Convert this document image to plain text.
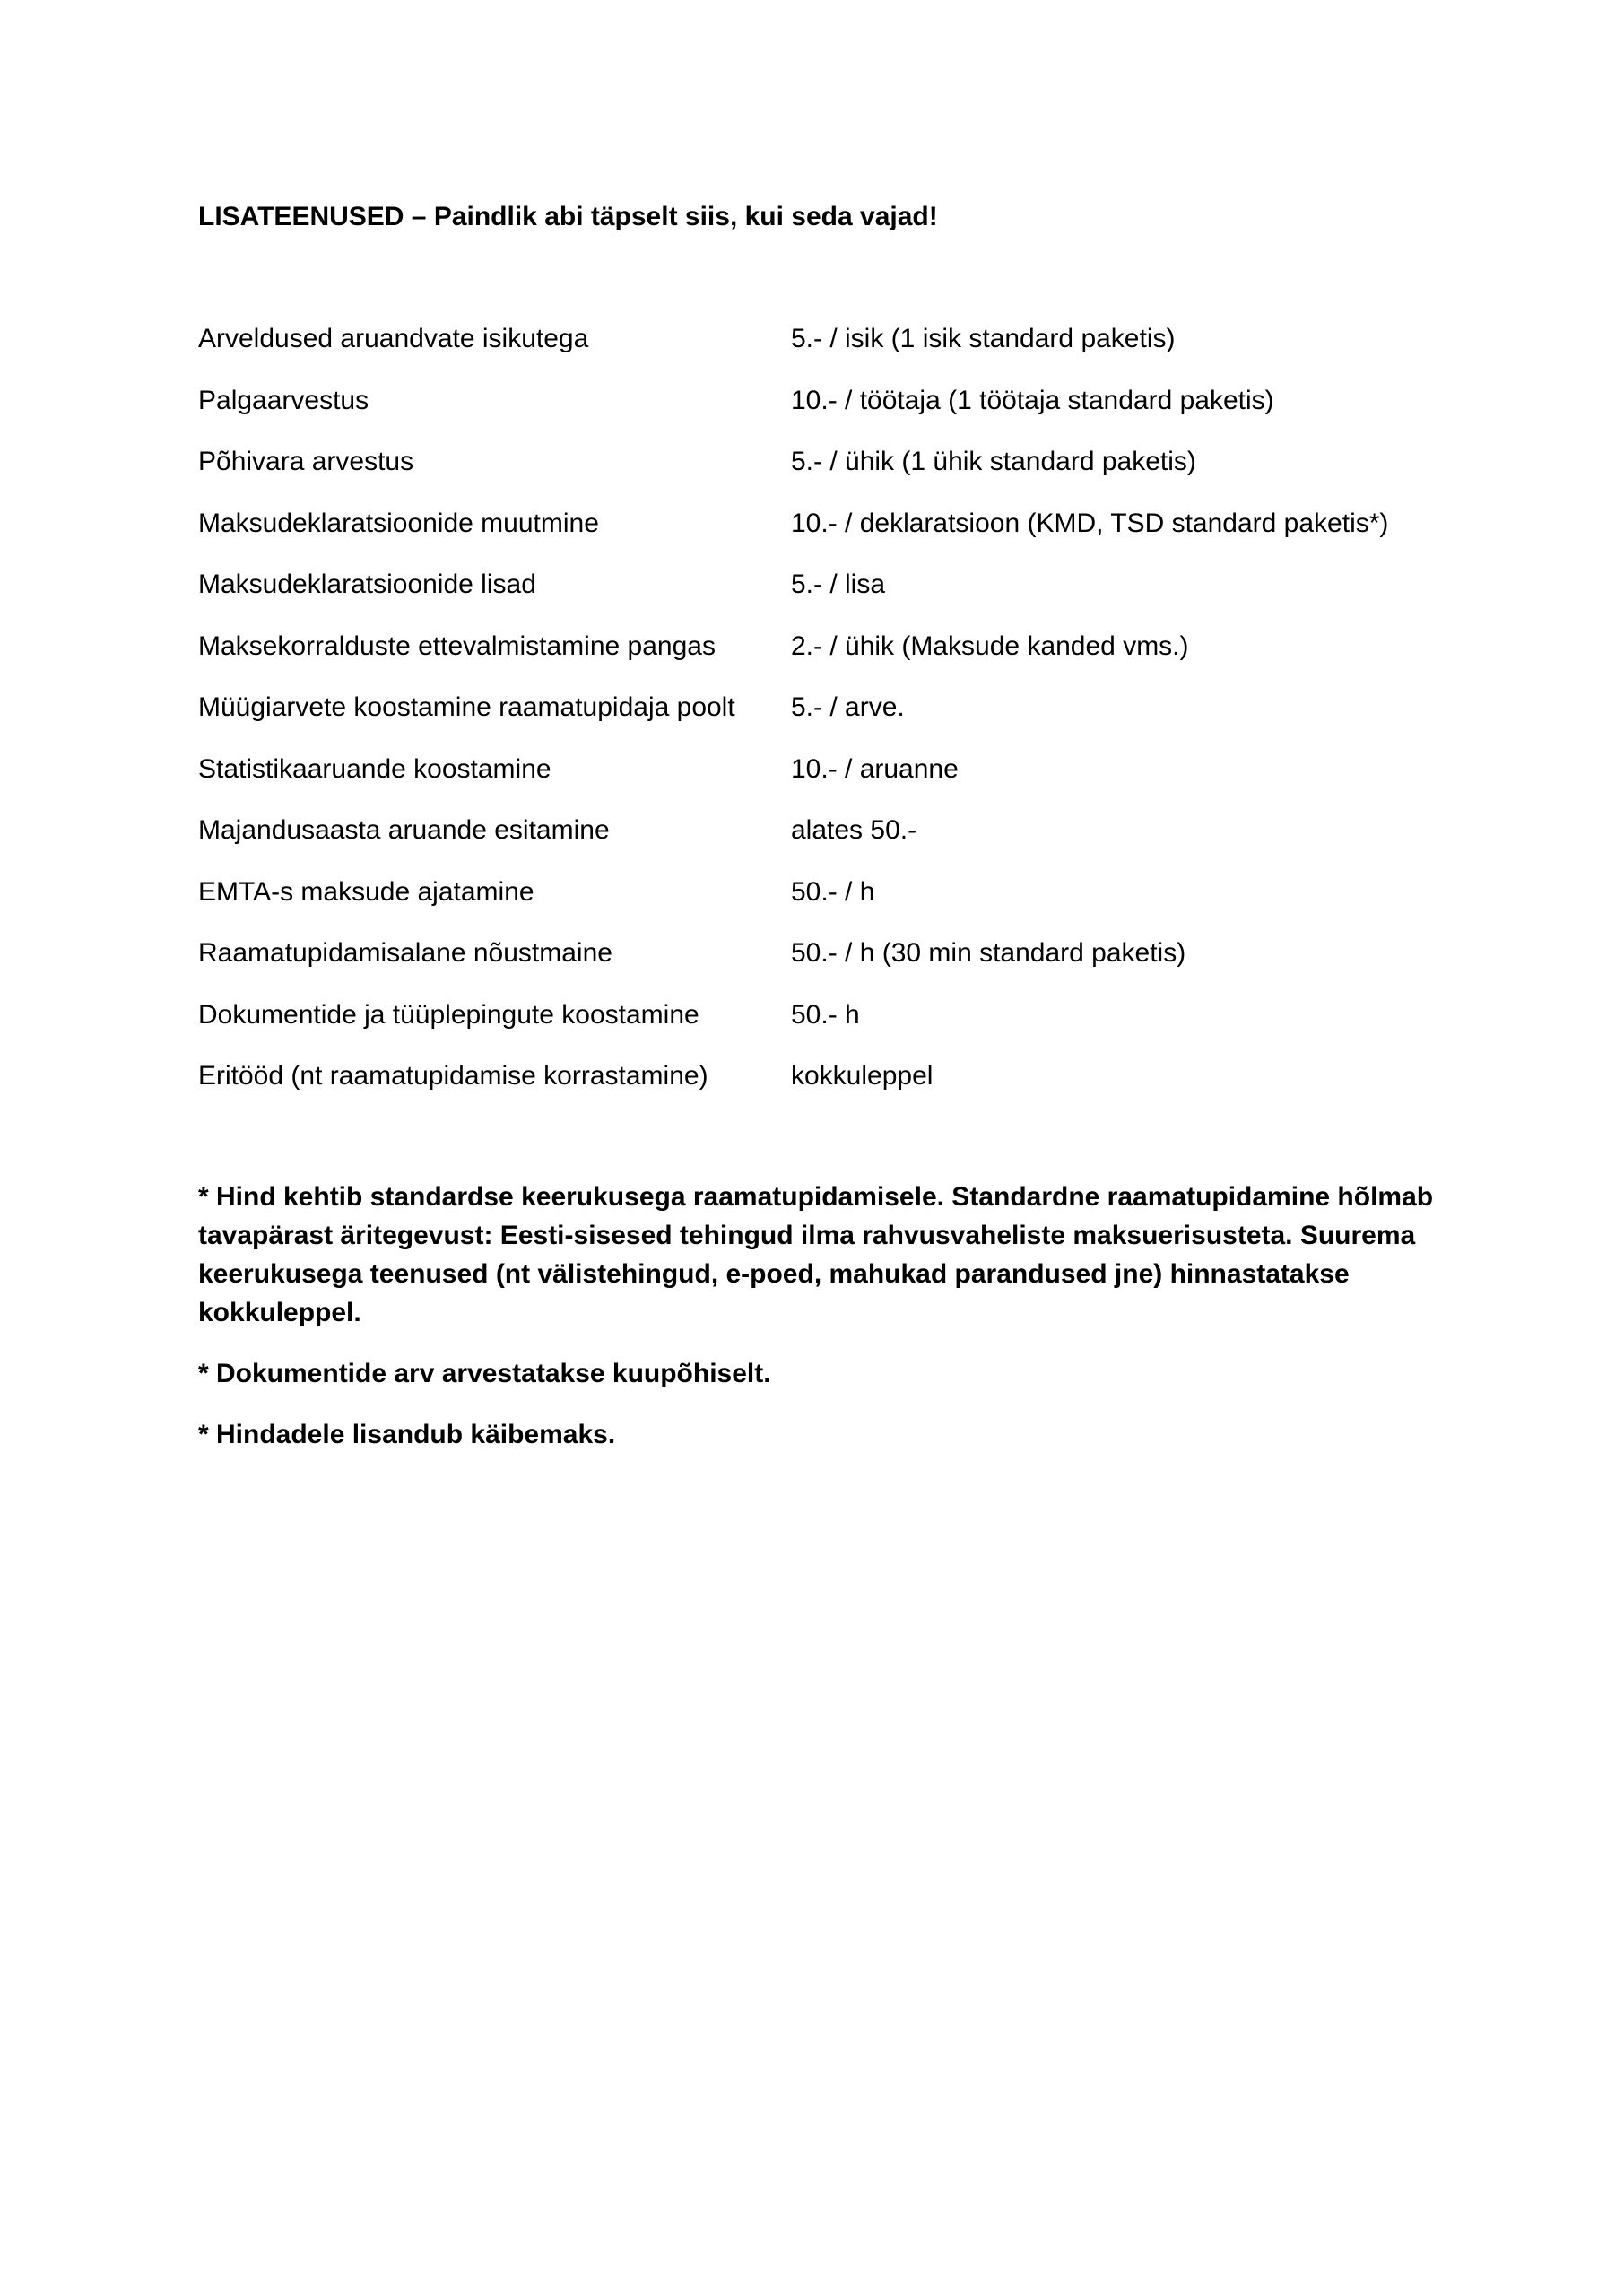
LISATEENUSED – Paindlik abi täpselt siis, kui seda vajad!
Arveldused aruandvate isikutega	5.- / isik (1 isik standard paketis)
Palgaarvestus	10.- / töötaja (1 töötaja standard paketis)
Põhivara arvestus	5.- / ühik (1 ühik standard paketis)
Maksudeklaratsioonide muutmine	10.- / deklaratsioon (KMD, TSD standard paketis*)
Maksudeklaratsioonide lisad	5.- / lisa
Maksekorralduste ettevalmistamine pangas	2.- / ühik (Maksude kanded vms.)
Müügiarvete koostamine raamatupidaja poolt	5.- / arve.
Statistikaaruande koostamine	10.- / aruanne
Majandusaasta aruande esitamine	alates 50.-
EMTA-s maksude ajatamine	50.- / h
Raamatupidamisalane nõustmaine	50.- / h (30 min standard paketis)
Dokumentide ja tüüplepingute koostamine	50.- h
Eritööd (nt raamatupidamise korrastamine)	kokkuleppel

* Hind kehtib standardse keerukusega raamatupidamisele. Standardne raamatupidamine hõlmab tavapärast äritegevust: Eesti-sisesed tehingud ilma rahvusvaheliste maksuerisusteta. Suurema keerukusega teenused (nt välistehingud, e-poed, mahukad parandused jne) hinnastatakse kokkuleppel.

* Dokumentide arv arvestatakse kuupõhiselt.

* Hindadele lisandub käibemaks.
